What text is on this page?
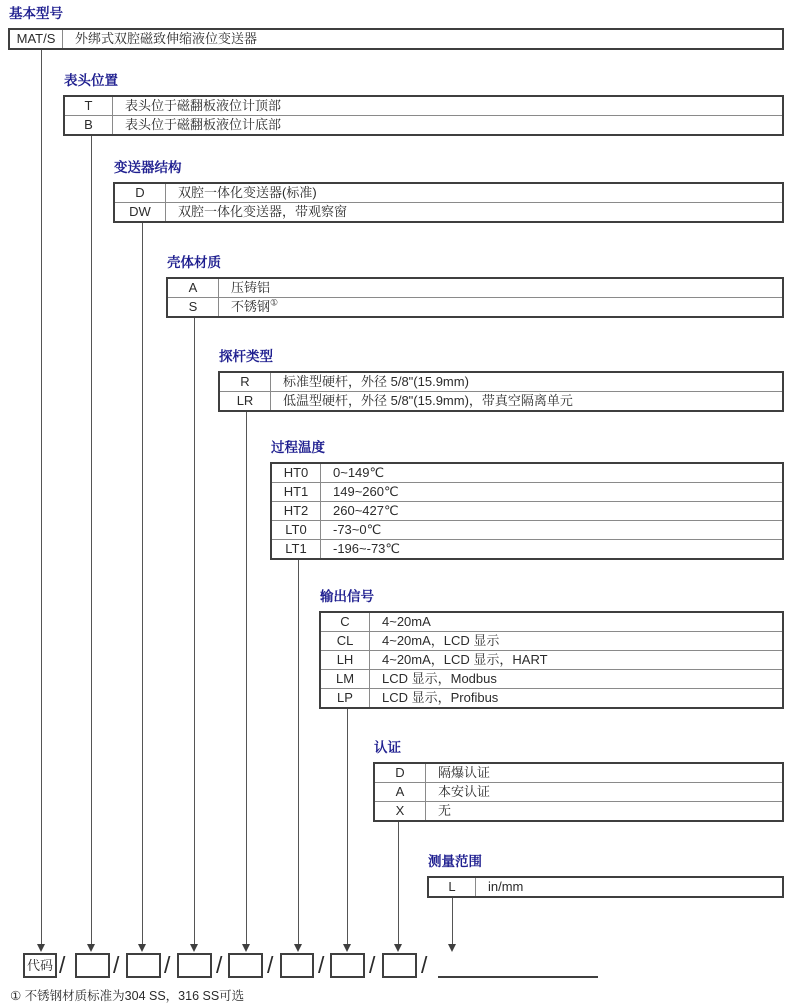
基本型号
MAT/S	外绑式双腔磁致伸缩液位变送器
表头位置
T	表头位于磁翻板液位计顶部
B	表头位于磁翻板液位计底部
变送器结构
D	双腔一体化变送器(标准)
DW	双腔一体化变送器，带观察窗
壳体材质
A	压铸铝
S	不锈钢①
探杆类型
R	标准型硬杆，外径 5/8"(15.9mm)
LR	低温型硬杆，外径 5/8"(15.9mm)，带真空隔离单元
过程温度
HT0	0~149℃
HT1	149~260℃
HT2	260~427℃
LT0	-73~0℃
LT1	-196~-73℃
输出信号
C	4~20mA
CL	4~20mA，LCD 显示
LH	4~20mA，LCD 显示，HART
LM	LCD 显示，Modbus
LP	LCD 显示，Profibus
认证
D	隔爆认证
A	本安认证
X	无
测量范围
L	in/mm
代码 / / / / / / / /
① 不锈钢材质标准为304 SS，316 SS可选
